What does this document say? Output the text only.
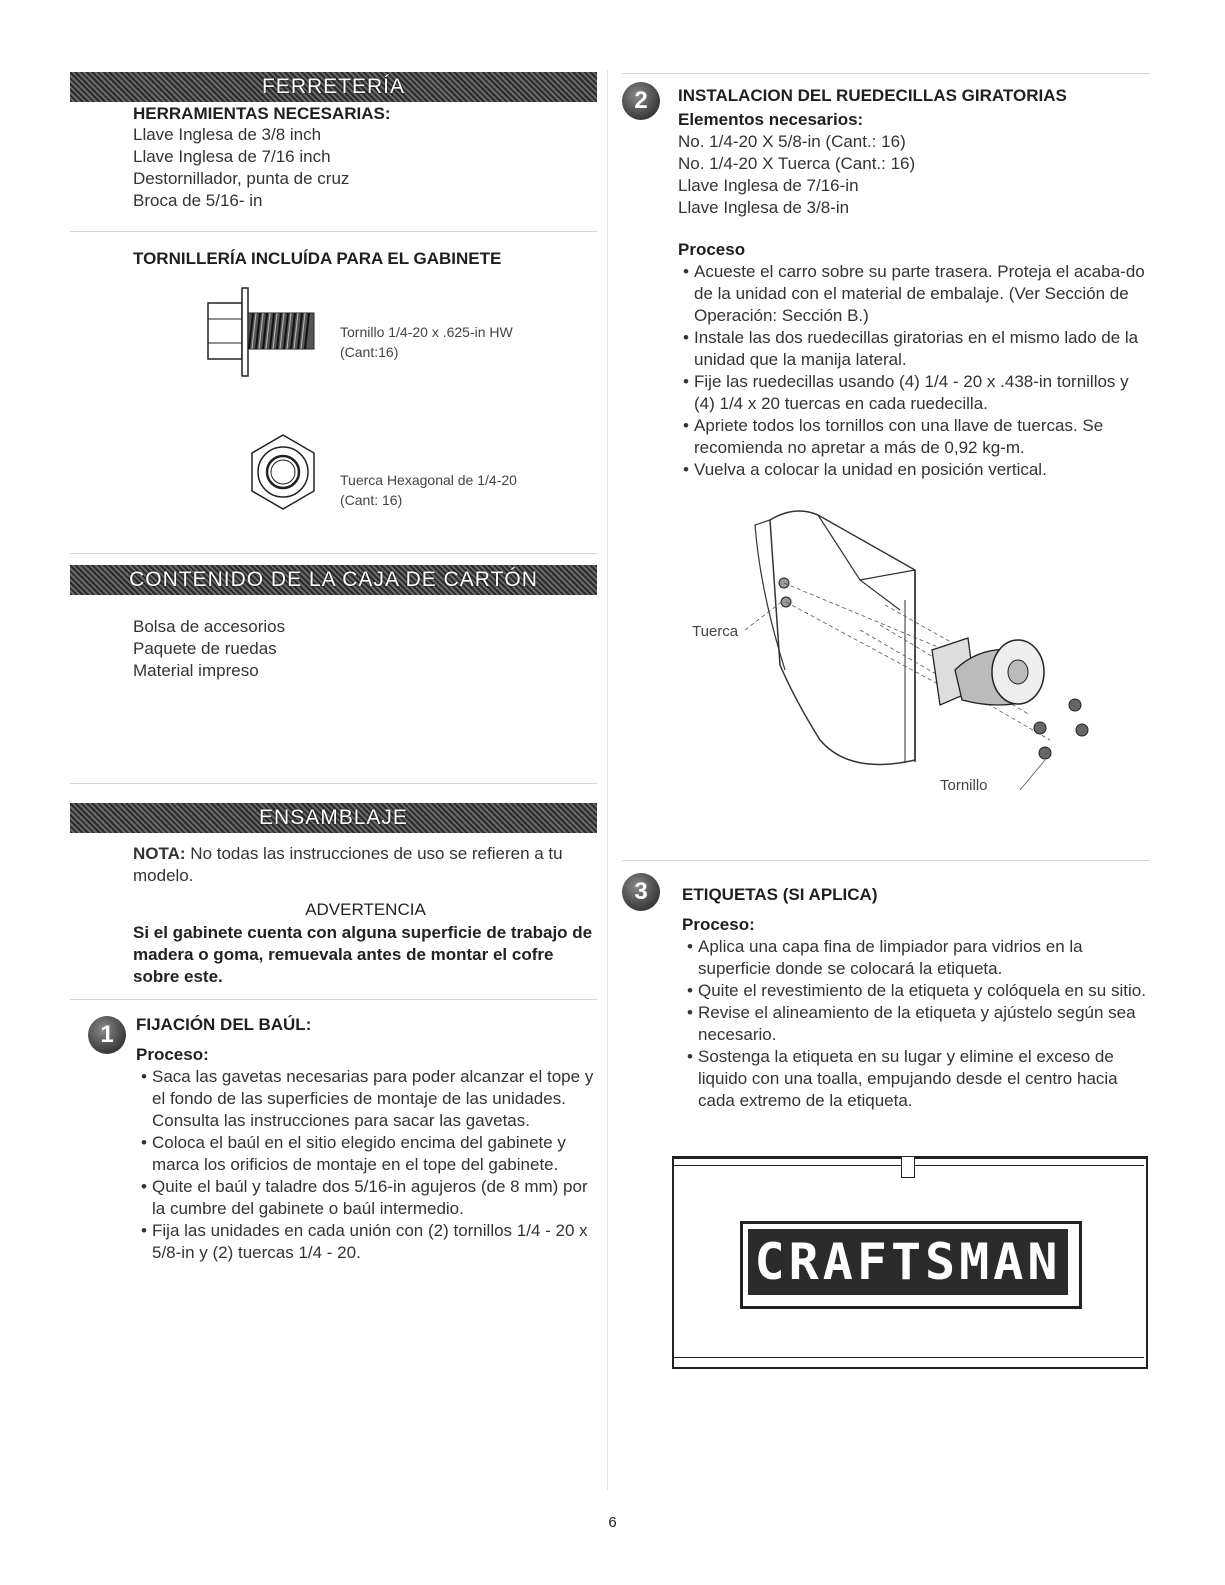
FERRETERÍA
HERRAMIENTAS NECESARIAS:
Llave Inglesa de 3/8 inch
Llave Inglesa de 7/16 inch
Destornillador, punta de cruz
Broca de 5/16- in
TORNILLERÍA INCLUÍDA PARA EL GABINETE
Tornillo 1/4-20 x .625-in HW
(Cant:16)
Tuerca Hexagonal de 1/4-20
(Cant: 16)
CONTENIDO DE LA CAJA DE CARTÓN
Bolsa de accesorios
Paquete de ruedas
Material impreso
ENSAMBLAJE
NOTA: No todas las instrucciones de uso se refieren a tu modelo.
ADVERTENCIA
Si el gabinete cuenta con alguna superficie de trabajo de madera o goma, remuevala antes de montar el cofre sobre este.
1	FIJACIÓN DEL BAÚL:
Proceso:
• Saca las gavetas necesarias para poder alcanzar el tope y el fondo de las superficies de montaje de las unidades. Consulta las instrucciones para sacar las gavetas.
• Coloca el baúl en el sitio elegido encima del gabinete y marca los orificios de montaje en el tope del gabinete.
• Quite el baúl y taladre dos 5/16-in agujeros (de 8 mm) por la cumbre del gabinete o baúl intermedio.
• Fija las unidades en cada unión con (2) tornillos 1/4 - 20 x 5/8-in y (2) tuercas 1/4 - 20.
2	INSTALACION DEL RUEDECILLAS GIRATORIAS
Elementos necesarios:
No. 1/4-20 X 5/8-in (Cant.: 16)
No. 1/4-20 X Tuerca (Cant.: 16)
Llave Inglesa de 7/16-in
Llave Inglesa de 3/8-in
Proceso
• Acueste el carro sobre su parte trasera. Proteja el acaba-do de la unidad con el material de embalaje. (Ver Sección de Operación: Sección B.)
• Instale las dos ruedecillas giratorias en el mismo lado de la unidad que la manija lateral.
• Fije las ruedecillas usando (4) 1/4 - 20 x .438-in tornillos y (4) 1/4 x 20 tuercas en cada ruedecilla.
• Apriete todos los tornillos con una llave de tuercas. Se recomienda no apretar a más de 0,92 kg-m.
• Vuelva a colocar la unidad en posición vertical.
Tuerca
Tornillo
3	ETIQUETAS (SI APLICA)
Proceso:
• Aplica una capa fina de limpiador para vidrios en la superficie donde se colocará la etiqueta.
• Quite el revestimiento de la etiqueta y colóquela en su sitio.
• Revise el alineamiento de la etiqueta y ajústelo según sea necesario.
• Sostenga la etiqueta en su lugar y elimine el exceso de liquido con una toalla, empujando desde el centro hacia cada extremo de la etiqueta.
CRAFTSMAN
6
